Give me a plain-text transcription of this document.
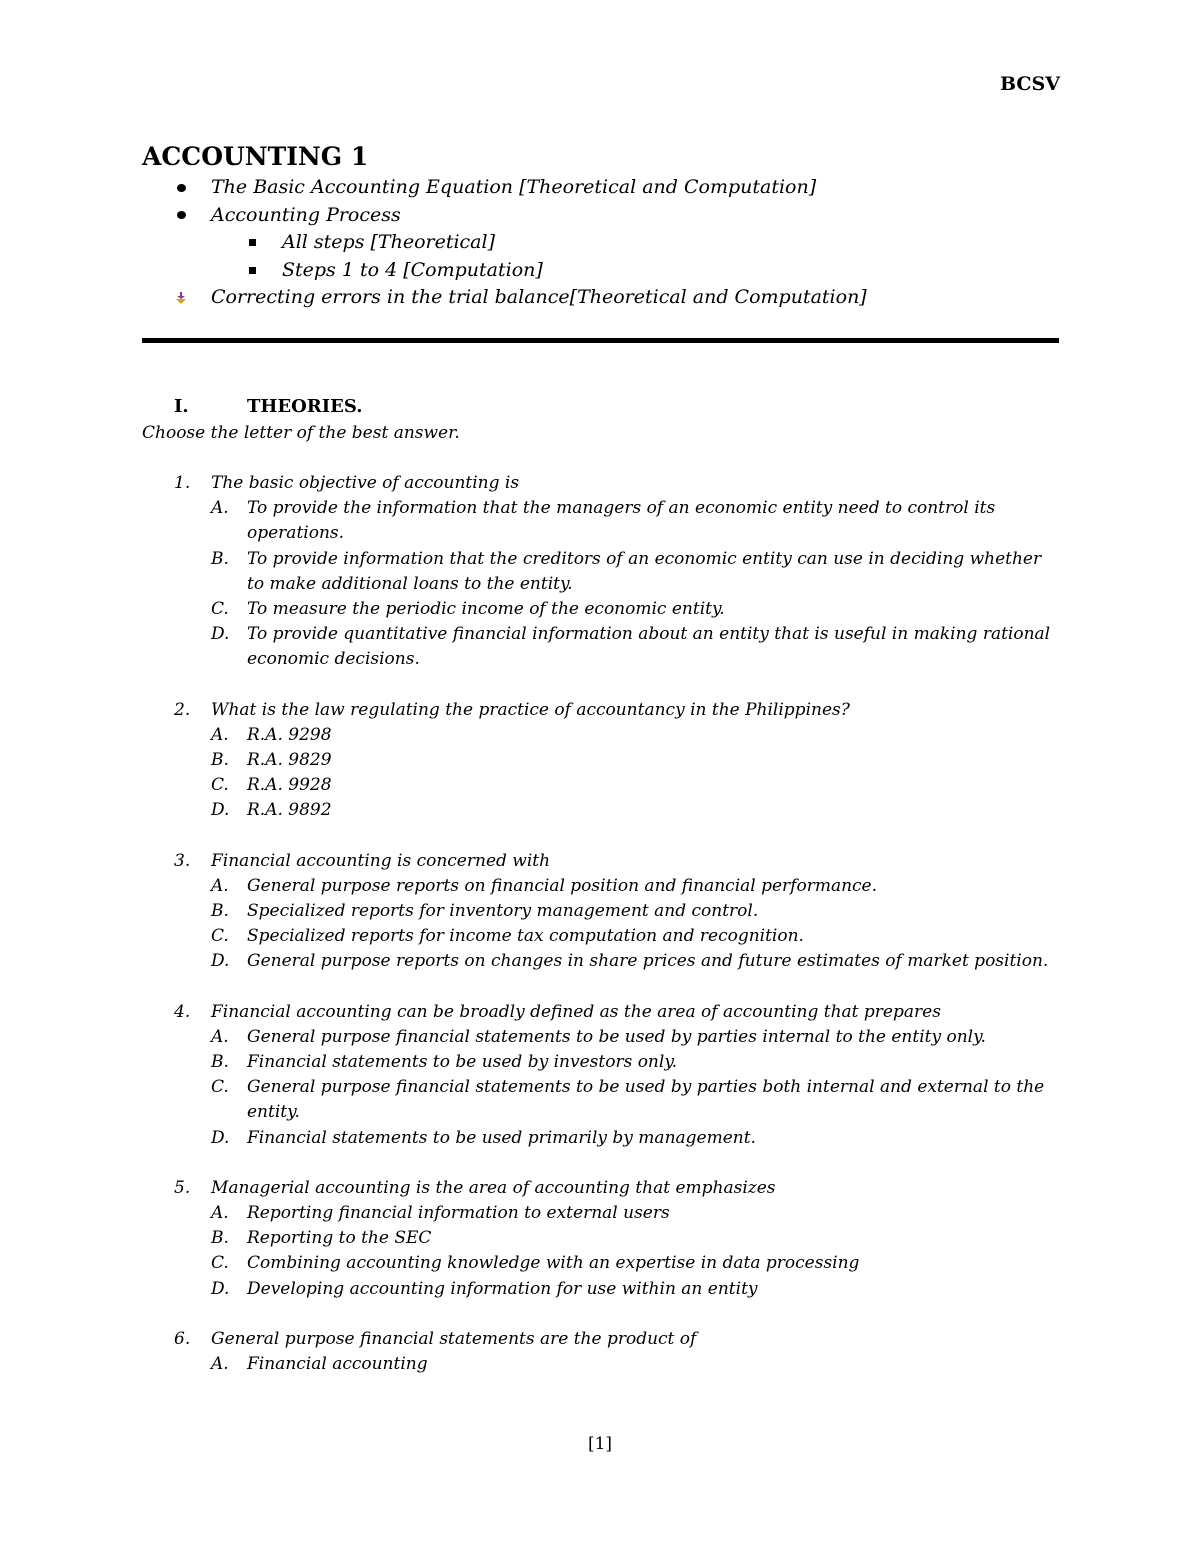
BCSV
ACCOUNTING 1
The Basic Accounting Equation [Theoretical and Computation]
Accounting Process
All steps [Theoretical]
Steps 1 to 4 [Computation]
Correcting errors in the trial balance[Theoretical and Computation]
I.	THEORIES.
Choose the letter of the best answer.
1. The basic objective of accounting is
A. To provide the information that the managers of an economic entity need to control its operations.
B. To provide information that the creditors of an economic entity can use in deciding whether to make additional loans to the entity.
C. To measure the periodic income of the economic entity.
D. To provide quantitative financial information about an entity that is useful in making rational economic decisions.
2. What is the law regulating the practice of accountancy in the Philippines?
A. R.A. 9298
B. R.A. 9829
C. R.A. 9928
D. R.A. 9892
3. Financial accounting is concerned with
A. General purpose reports on financial position and financial performance.
B. Specialized reports for inventory management and control.
C. Specialized reports for income tax computation and recognition.
D. General purpose reports on changes in share prices and future estimates of market position.
4. Financial accounting can be broadly defined as the area of accounting that prepares
A. General purpose financial statements to be used by parties internal to the entity only.
B. Financial statements to be used by investors only.
C. General purpose financial statements to be used by parties both internal and external to the entity.
D. Financial statements to be used primarily by management.
5. Managerial accounting is the area of accounting that emphasizes
A. Reporting financial information to external users
B. Reporting to the SEC
C. Combining accounting knowledge with an expertise in data processing
D. Developing accounting information for use within an entity
6. General purpose financial statements are the product of
A. Financial accounting
[1]
